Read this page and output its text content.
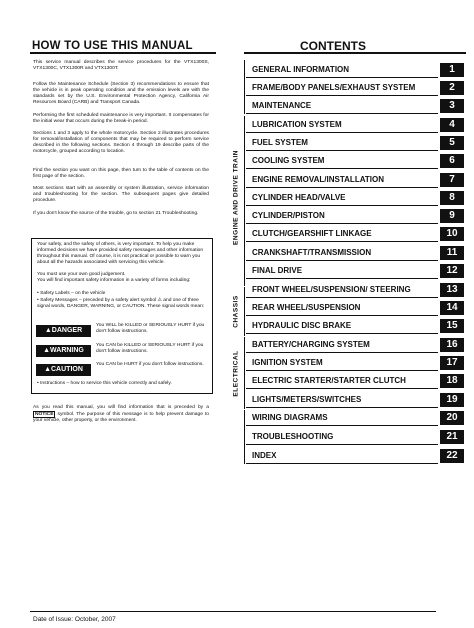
HOW TO USE THIS MANUAL	CONTENTS
This service manual describes the service procedures for the VTX1300S, VTX1300C, VTX1300R and VTX1300T.
Follow the Maintenance Schedule (Section 3) recommendations to ensure that the vehicle is in peak operating condition and the emission levels are with the standards set by the U.S. Environmental Protection Agency, California Air Resources Board (CARB) and Transport Canada.
Performing the first scheduled maintenance is very important. It compensates for the initial wear that occurs during the break-in period.
Sections 1 and 3 apply to the whole motorcycle. Section 2 illustrates procedures for removal/installation of components that may be required to perform service described in the following sections. Section 4 through 19 describe parts of the motorcycle, grouped according to location.
Find the section you want on this page, then turn to the table of contents on the first page of the section.
Most sections start with an assembly or system illustration, service information and troubleshooting for the section. The subsequent pages give detailed procedure.
If you don't know the source of the trouble, go to section 21 Troubleshooting.
Your safety, and the safety of others, is very important. To help you make informed decisions we have provided safety messages and other information throughout this manual. Of course, it is not practical or possible to warn you about all the hazards associated with servicing this vehicle.
You must use your own good judgement.
You will find important safety information in a variety of forms including:
• Safety Labels – on the vehicle
• Safety Messages – preceded by a safety alert symbol ⚠ and one of three signal words, DANGER, WARNING, or CAUTION. These signal words mean:
▲DANGER
You WILL be KILLED or SERIOUSLY HURT if you don't follow instructions.
▲WARNING
You CAN be KILLED or SERIOUSLY HURT if you don't follow instructions.
▲CAUTION
You CAN be HURT if you don't follow instructions.
• Instructions – how to service this vehicle correctly and safely.
As you read this manual, you will find information that is preceded by a NOTICE symbol. The purpose of this message is to help prevent damage to your vehicle, other property, or the environment.
Date of Issue: October, 2007
ENGINE AND DRIVE TRAIN
CHASSIS
ELECTRICAL
GENERAL INFORMATION	1
FRAME/BODY PANELS/EXHAUST SYSTEM	2
MAINTENANCE	3
LUBRICATION SYSTEM	4
FUEL SYSTEM	5
COOLING SYSTEM	6
ENGINE REMOVAL/INSTALLATION	7
CYLINDER HEAD/VALVE	8
CYLINDER/PISTON	9
CLUTCH/GEARSHIFT LINKAGE	10
CRANKSHAFT/TRANSMISSION	11
FINAL DRIVE	12
FRONT WHEEL/SUSPENSION/ STEERING	13
REAR WHEEL/SUSPENSION	14
HYDRAULIC DISC BRAKE	15
BATTERY/CHARGING SYSTEM	16
IGNITION SYSTEM	17
ELECTRIC STARTER/STARTER CLUTCH	18
LIGHTS/METERS/SWITCHES	19
WIRING DIAGRAMS	20
TROUBLESHOOTING	21
INDEX	22
